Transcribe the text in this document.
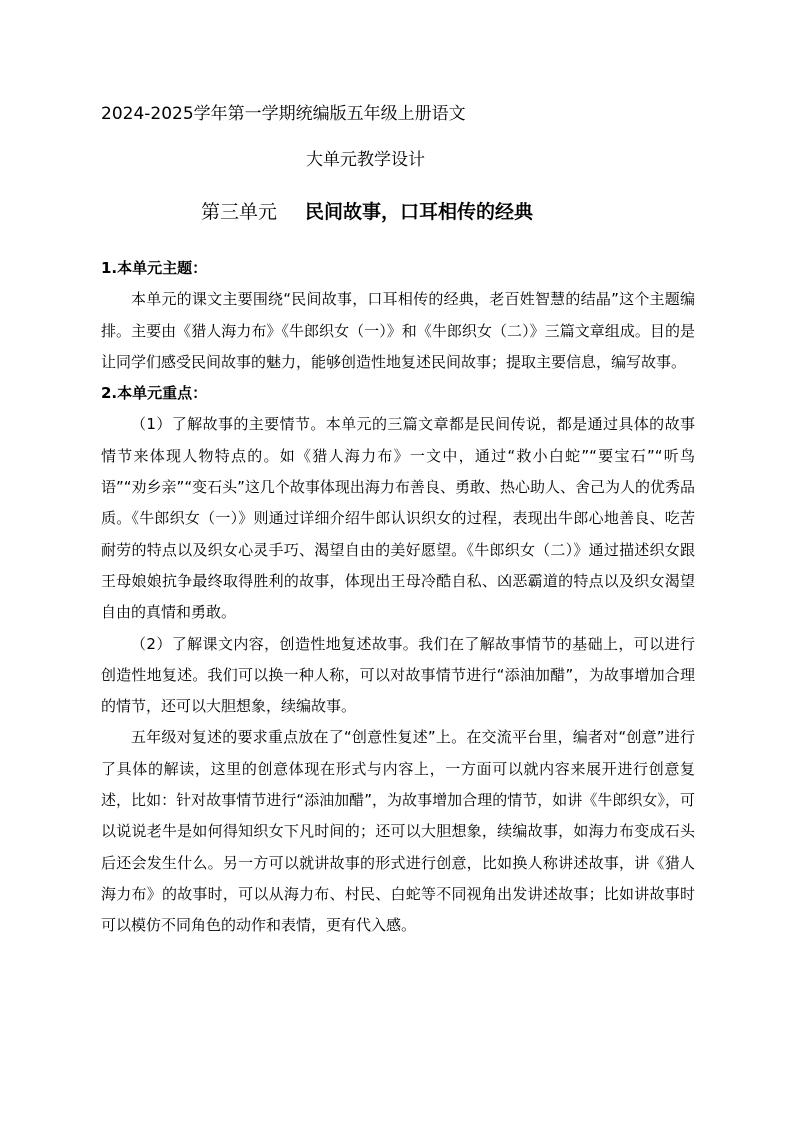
2024-2025学年第一学期统编版五年级上册语文
大单元教学设计
第三单元 民间故事，口耳相传的经典

1.本单元主题：

本单元的课文主要围绕“民间故事，口耳相传的经典，老百姓智慧的结晶”这个主题编排。主要由《猎人海力布》《牛郎织女（一）》和《牛郎织女（二）》三篇文章组成。目的是让同学们感受民间故事的魅力，能够创造性地复述民间故事；提取主要信息，编写故事。

2.本单元重点：

（1）了解故事的主要情节。本单元的三篇文章都是民间传说，都是通过具体的故事情节来体现人物特点的。如《猎人海力布》一文中，通过“救小白蛇”“要宝石”“听鸟语”“劝乡亲”“变石头”这几个故事体现出海力布善良、勇敢、热心助人、舍己为人的优秀品质。《牛郎织女（一）》则通过详细介绍牛郎认识织女的过程，表现出牛郎心地善良、吃苦耐劳的特点以及织女心灵手巧、渴望自由的美好愿望。《牛郎织女（二）》通过描述织女跟王母娘娘抗争最终取得胜利的故事，体现出王母冷酷自私、凶恶霸道的特点以及织女渴望自由的真情和勇敢。

（2）了解课文内容，创造性地复述故事。我们在了解故事情节的基础上，可以进行创造性地复述。我们可以换一种人称，可以对故事情节进行“添油加醋”，为故事增加合理的情节，还可以大胆想象，续编故事。

五年级对复述的要求重点放在了“创意性复述”上。在交流平台里，编者对“创意”进行了具体的解读，这里的创意体现在形式与内容上，一方面可以就内容来展开进行创意复述，比如：针对故事情节进行“添油加醋”，为故事增加合理的情节，如讲《牛郎织女》，可以说说老牛是如何得知织女下凡时间的；还可以大胆想象，续编故事，如海力布变成石头后还会发生什么。另一方可以就讲故事的形式进行创意，比如换人称讲述故事，讲《猎人海力布》的故事时，可以从海力布、村民、白蛇等不同视角出发讲述故事；比如讲故事时可以模仿不同角色的动作和表情，更有代入感。
